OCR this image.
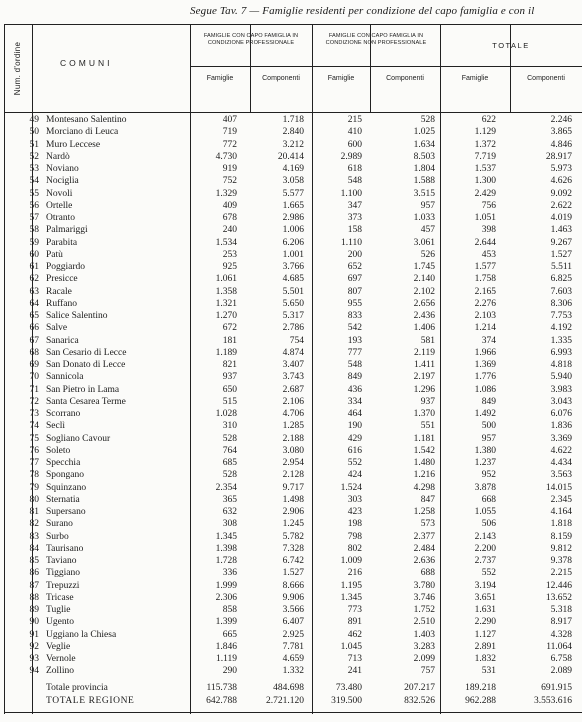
Segue Tav. 7 — Famiglie residenti per condizione del capo famiglia e con il
Num. d'ordine	COMUNI
FAMIGLIE CON CAPO FAMIGLIA IN CONDIZIONE PROFESSIONALE
FAMIGLIE CON CAPO FAMIGLIA IN CONDIZIONE NON PROFESSIONALE	TOTALE
Famiglie	Componenti	Famiglie	Componenti	Famiglie	Componenti
49 Montesano Salentino	407	1.718	215	528	622	2.246
50 Morciano di Leuca	719	2.840	410	1.025	1.129	3.865
51 Muro Leccese	772	3.212	600	1.634	1.372	4.846
52 Nardò	4.730	20.414	2.989	8.503	7.719	28.917
53 Noviano	919	4.169	618	1.804	1.537	5.973
54 Nociglia	752	3.058	548	1.588	1.300	4.626
55 Novoli	1.329	5.577	1.100	3.515	2.429	9.092
56 Ortelle	409	1.665	347	957	756	2.622
57 Otranto	678	2.986	373	1.033	1.051	4.019
58 Palmariggi	240	1.006	158	457	398	1.463
59 Parabita	1.534	6.206	1.110	3.061	2.644	9.267
60 Patù	253	1.001	200	526	453	1.527
61 Poggiardo	925	3.766	652	1.745	1.577	5.511
62 Presicce	1.061	4.685	697	2.140	1.758	6.825
63 Racale	1.358	5.501	807	2.102	2.165	7.603
64 Ruffano	1.321	5.650	955	2.656	2.276	8.306
65 Salice Salentino	1.270	5.317	833	2.436	2.103	7.753
66 Salve	672	2.786	542	1.406	1.214	4.192
67 Sanarica	181	754	193	581	374	1.335
68 San Cesario di Lecce	1.189	4.874	777	2.119	1.966	6.993
69 San Donato di Lecce	821	3.407	548	1.411	1.369	4.818
70 Sannicola	937	3.743	849	2.197	1.776	5.940
71 San Pietro in Lama	650	2.687	436	1.296	1.086	3.983
72 Santa Cesarea Terme	515	2.106	334	937	849	3.043
73 Scorrano	1.028	4.706	464	1.370	1.492	6.076
74 Seclì	310	1.285	190	551	500	1.836
75 Sogliano Cavour	528	2.188	429	1.181	957	3.369
76 Soleto	764	3.080	616	1.542	1.380	4.622
77 Specchia	685	2.954	552	1.480	1.237	4.434
78 Spongano	528	2.128	424	1.216	952	3.563
79 Squinzano	2.354	9.717	1.524	4.298	3.878	14.015
80 Sternatia	365	1.498	303	847	668	2.345
81 Supersano	632	2.906	423	1.258	1.055	4.164
82 Surano	308	1.245	198	573	506	1.818
83 Surbo	1.345	5.782	798	2.377	2.143	8.159
84 Taurisano	1.398	7.328	802	2.484	2.200	9.812
85 Taviano	1.728	6.742	1.009	2.636	2.737	9.378
86 Tiggiano	336	1.527	216	688	552	2.215
87 Trepuzzi	1.999	8.666	1.195	3.780	3.194	12.446
88 Tricase	2.306	9.906	1.345	3.746	3.651	13.652
89 Tuglie	858	3.566	773	1.752	1.631	5.318
90 Ugento	1.399	6.407	891	2.510	2.290	8.917
91 Uggiano la Chiesa	665	2.925	462	1.403	1.127	4.328
92 Veglie	1.846	7.781	1.045	3.283	2.891	11.064
93 Vernole	1.119	4.659	713	2.099	1.832	6.758
94 Zollino	290	1.332	241	757	531	2.089
Totale provincia	115.738	484.698	73.480	207.217	189.218	691.915
TOTALE REGIONE	642.788	2.721.120	319.500	832.526	962.288	3.553.616
